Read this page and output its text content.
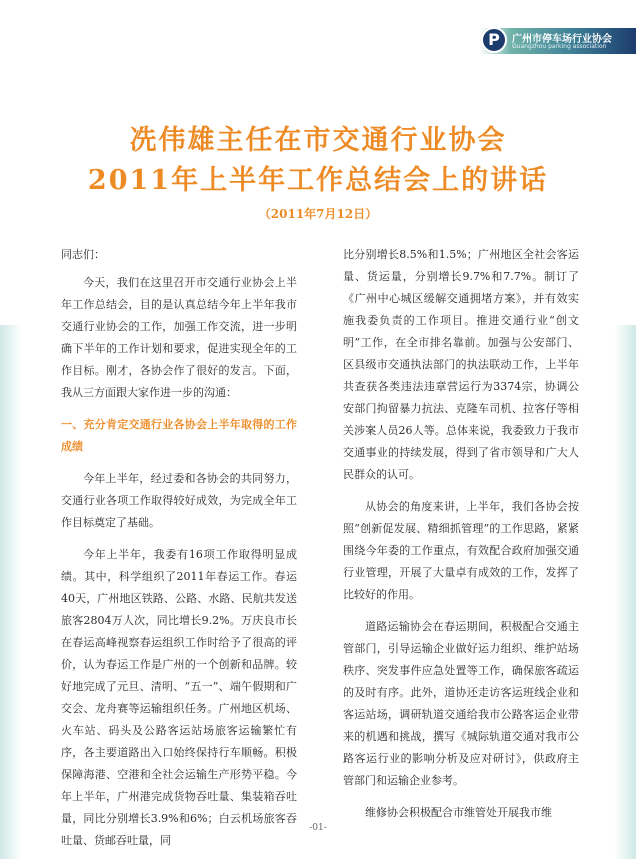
P	广州市停车场行业协会
Guangzhou parking association
冼伟雄主任在市交通行业协会
2011年上半年工作总结会上的讲话
（2011年7月12日）

同志们：

今天，我们在这里召开市交通行业协会上半年工作总结会，目的是认真总结今年上半年我市交通行业协会的工作，加强工作交流，进一步明确下半年的工作计划和要求，促进实现全年的工作目标。刚才，各协会作了很好的发言。下面，我从三方面跟大家作进一步的沟通：

一、充分肯定交通行业各协会上半年取得的工作成绩

今年上半年，经过委和各协会的共同努力，交通行业各项工作取得较好成效，为完成全年工作目标奠定了基础。

今年上半年，我委有16项工作取得明显成绩。其中，科学组织了2011年春运工作。春运40天，广州地区铁路、公路、水路、民航共发送旅客2804万人次，同比增长9.2%。万庆良市长在春运高峰视察春运组织工作时给予了很高的评价，认为春运工作是广州的一个创新和品牌。较好地完成了元旦、清明、“五一”、端午假期和广交会、龙舟赛等运输组织任务。广州地区机场、火车站、码头及公路客运站场旅客运输繁忙有序，各主要道路出入口始终保持行车顺畅。积极保障海港、空港和全社会运输生产形势平稳。今年上半年，广州港完成货物吞吐量、集装箱吞吐量，同比分别增长3.9%和6%；白云机场旅客吞吐量、货邮吞吐量，同

比分别增长8.5%和1.5%；广州地区全社会客运量、货运量，分别增长9.7%和7.7%。制订了《广州中心城区缓解交通拥堵方案》，并有效实施我委负责的工作项目。推进交通行业“创文明”工作，在全市排名靠前。加强与公安部门、区县级市交通执法部门的执法联动工作，上半年共查获各类违法违章营运行为3374宗，协调公安部门拘留暴力抗法、克隆车司机、拉客仔等相关涉案人员26人等。总体来说，我委致力于我市交通事业的持续发展，得到了省市领导和广大人民群众的认可。

从协会的角度来讲，上半年，我们各协会按照“创新促发展、精细抓管理”的工作思路，紧紧围绕今年委的工作重点，有效配合政府加强交通行业管理，开展了大量卓有成效的工作，发挥了比较好的作用。

道路运输协会在春运期间，积极配合交通主管部门，引导运输企业做好运力组织、维护站场秩序、突发事件应急处置等工作，确保旅客疏运的及时有序。此外，道协还走访客运班线企业和客运站场，调研轨道交通给我市公路客运企业带来的机遇和挑战，撰写《城际轨道交通对我市公路客运行业的影响分析及应对研讨》，供政府主管部门和运输企业参考。

维修协会积极配合市维管处开展我市维

-01-
